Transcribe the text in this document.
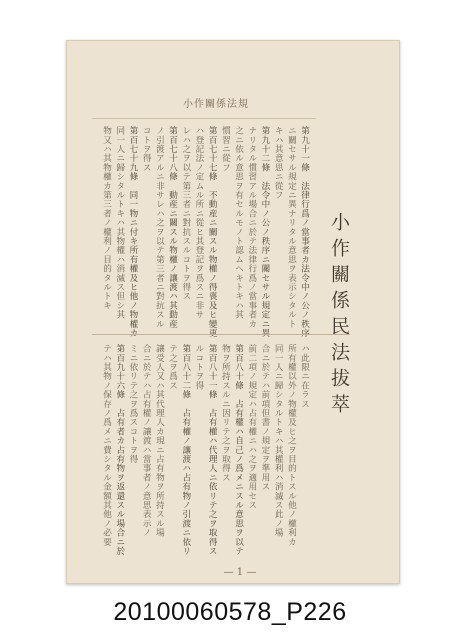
小作關係法規
小作關係民法拔萃
第九十一條　法律行爲ノ當事者カ法令中ノ公ノ秩序
ニ關セサル規定ニ異ナリタル意思ヲ表示シタルト
キハ其意思ニ從フ
第九十二條　法令中ノ公ノ秩序ニ關セサル規定ニ異
ナリタル慣習アル場合ニ於テ法律行爲ノ當事者カ
之ニ依ル意思ヲ有セルモノト認ムヘキトキハ其
慣習ニ從フ
第百七十七條　不動産ニ關スル物權ノ得喪及ヒ變更
ハ登記法ノ定ムル所ニ從ヒ其登記ヲ爲スニ非サ
レハ之ヲ以テ第三者ニ對抗スルコトヲ得ス
第百七十八條　動産ニ關スル物權ノ讓渡ハ其動産
ノ引渡アルニ非サレハ之ヲ以テ第三者ニ對抗スル
コトヲ得ス
第百七十九條　同一物ニ付キ所有權及ヒ他ノ物權カ
同一人ニ歸シタルトキハ其物權ハ消滅ス但シ其
物又ハ其物權カ第三者ノ權利ノ目的タルトキ
ハ此限ニ在ラス
所有權以外ノ物權及ヒ之ヲ目的トスル他ノ權利カ
同一人ニ歸シタルトキハ其權利ハ消滅ス此ノ場
合ニ於テハ前項但書ノ規定ヲ準用ス
前二項ノ規定ハ占有權ニハ之ヲ適用セス
第百八十條　占有權ハ自己ノ爲メニスル意思ヲ以テ
物ヲ所持スルニ因リテ之ヲ取得ス
第百八十一條　占有權ハ代理人ニ依リテ之ヲ取得ス
ルコトヲ得
第百八十二條　占有權ノ讓渡ハ占有物ノ引渡ニ依リ
テ之ヲ爲ス
讓受人又ハ其代理人カ現ニ占有物ヲ所持スル場
合ニ於テハ占有權ノ讓渡ハ當事者ノ意思表示ノ
ミニ依リテ之ヲ爲スコトヲ得
第百九十六條　占有者カ占有物ヲ返還スル場合ニ於
テハ其物ノ保存ノ爲メニ費シタル金額其他ノ必要
— 1 —
20100060578_P226
